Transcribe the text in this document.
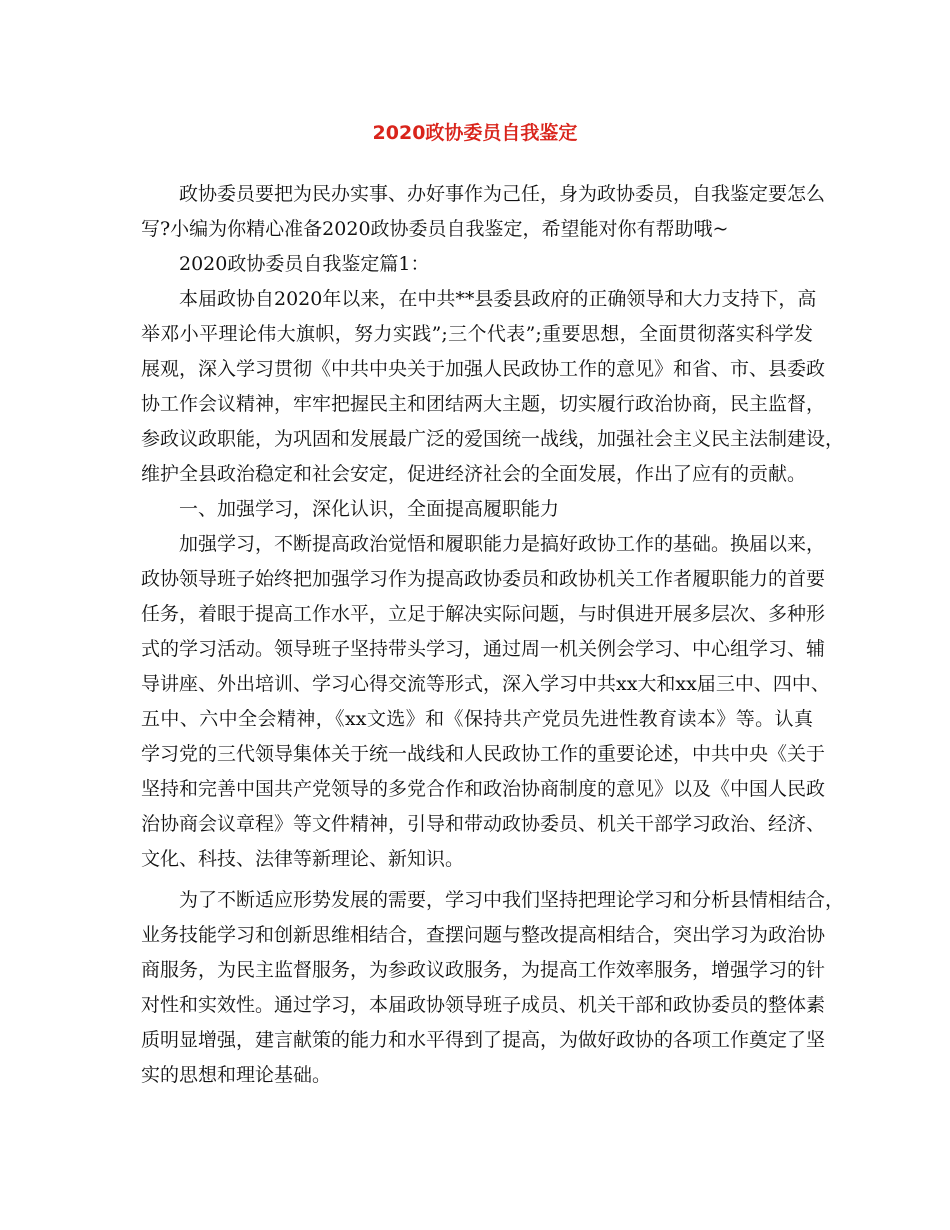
2020政协委员自我鉴定
政协委员要把为民办实事、办好事作为己任，身为政协委员，自我鉴定要怎么
写?小编为你精心准备2020政协委员自我鉴定，希望能对你有帮助哦~
2020政协委员自我鉴定篇1：
本届政协自2020年以来，在中共**县委县政府的正确领导和大力支持下，高
举邓小平理论伟大旗帜，努力实践”;三个代表”;重要思想，全面贯彻落实科学发
展观，深入学习贯彻《中共中央关于加强人民政协工作的意见》和省、市、县委政
协工作会议精神，牢牢把握民主和团结两大主题，切实履行政治协商，民主监督，
参政议政职能，为巩固和发展最广泛的爱国统一战线，加强社会主义民主法制建设，
维护全县政治稳定和社会安定，促进经济社会的全面发展，作出了应有的贡献。
一、加强学习，深化认识，全面提高履职能力
加强学习，不断提高政治觉悟和履职能力是搞好政协工作的基础。换届以来，
政协领导班子始终把加强学习作为提高政协委员和政协机关工作者履职能力的首要
任务，着眼于提高工作水平，立足于解决实际问题，与时俱进开展多层次、多种形
式的学习活动。领导班子坚持带头学习，通过周一机关例会学习、中心组学习、辅
导讲座、外出培训、学习心得交流等形式，深入学习中共xx大和xx届三中、四中、
五中、六中全会精神，《xx文选》和《保持共产党员先进性教育读本》等。认真
学习党的三代领导集体关于统一战线和人民政协工作的重要论述，中共中央《关于
坚持和完善中国共产党领导的多党合作和政治协商制度的意见》以及《中国人民政
治协商会议章程》等文件精神，引导和带动政协委员、机关干部学习政治、经济、
文化、科技、法律等新理论、新知识。
为了不断适应形势发展的需要，学习中我们坚持把理论学习和分析县情相结合，
业务技能学习和创新思维相结合，查摆问题与整改提高相结合，突出学习为政治协
商服务，为民主监督服务，为参政议政服务，为提高工作效率服务，增强学习的针
对性和实效性。通过学习，本届政协领导班子成员、机关干部和政协委员的整体素
质明显增强，建言献策的能力和水平得到了提高，为做好政协的各项工作奠定了坚
实的思想和理论基础。
